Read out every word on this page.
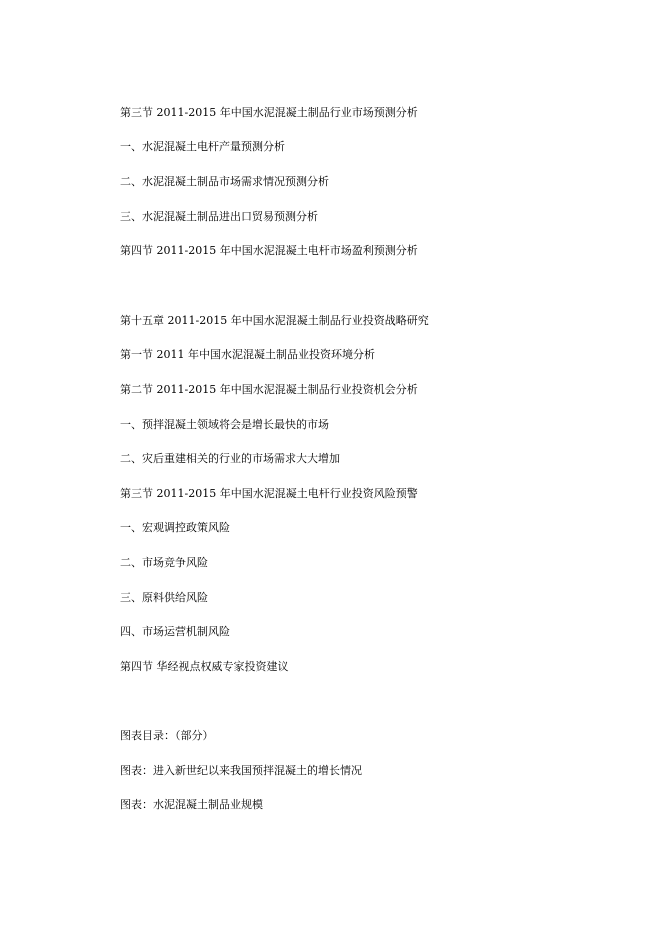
第三节 2011-2015 年中国水泥混凝土制品行业市场预测分析

一、水泥混凝土电杆产量预测分析

二、水泥混凝土制品市场需求情况预测分析

三、水泥混凝土制品进出口贸易预测分析

第四节 2011-2015 年中国水泥混凝土电杆市场盈利预测分析

第十五章 2011-2015 年中国水泥混凝土制品行业投资战略研究

第一节 2011 年中国水泥混凝土制品业投资环境分析

第二节 2011-2015 年中国水泥混凝土制品行业投资机会分析

一、预拌混凝土领域将会是增长最快的市场

二、灾后重建相关的行业的市场需求大大增加

第三节 2011-2015 年中国水泥混凝土电杆行业投资风险预警

一、宏观调控政策风险

二、市场竞争风险

三、原料供给风险

四、市场运营机制风险

第四节 华经视点权威专家投资建议

图表目录：（部分）

图表：进入新世纪以来我国预拌混凝土的增长情况

图表：水泥混凝土制品业规模
